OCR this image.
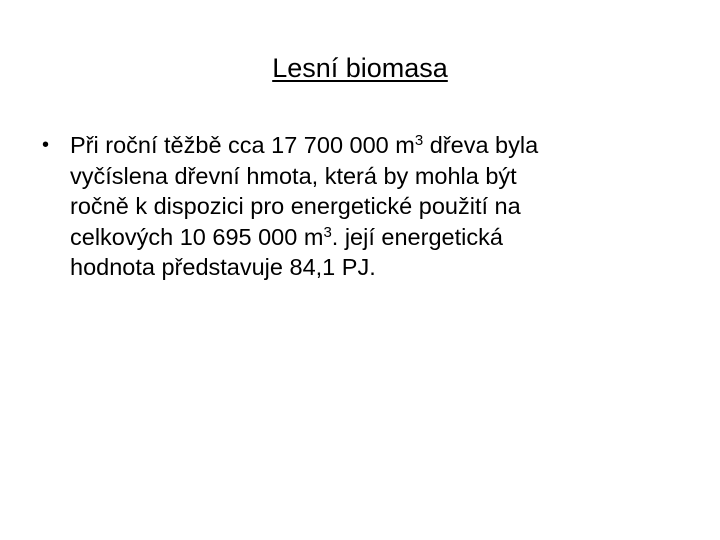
Lesní biomasa
• Při roční těžbě cca 17 700 000 $m^3$ dřeva byla
vyčíslena dřevní hmota, která by mohla být
ročně k dispozici pro energetické použití na
celkových 10 695 000 $m^3$. její energetická
hodnota představuje 84,1 PJ.
